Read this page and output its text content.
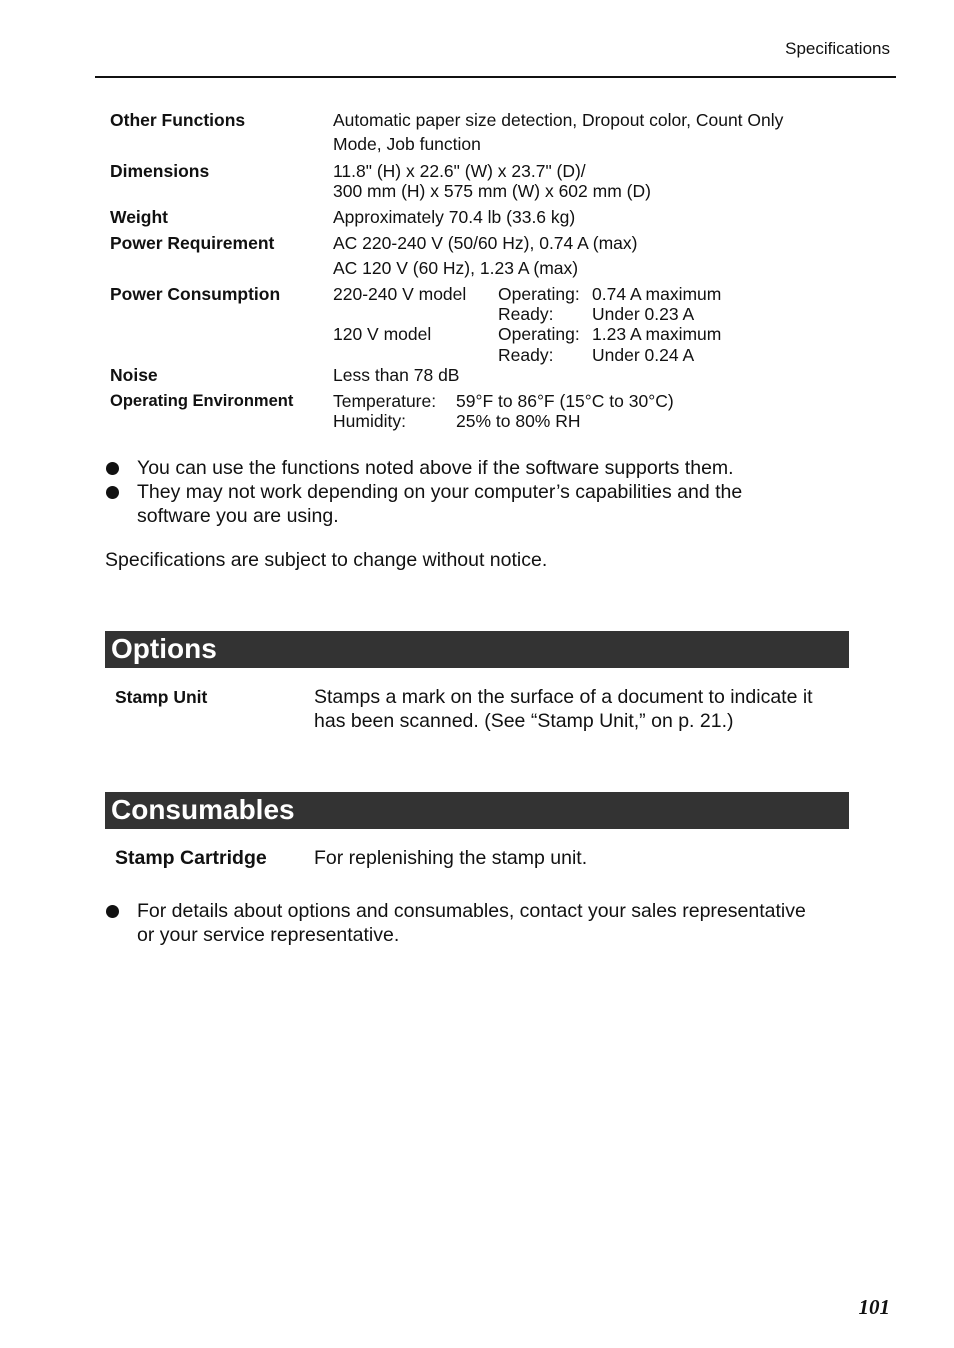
Specifications
Other Functions	Automatic paper size detection, Dropout color, Count Only
Mode, Job function
Dimensions	11.8" (H) x 22.6" (W) x 23.7" (D)/
300 mm (H) x 575 mm (W) x 602 mm (D)
Weight	Approximately 70.4 lb (33.6 kg)
Power Requirement	AC 220-240 V (50/60 Hz), 0.74 A (max)
AC 120 V (60 Hz), 1.23 A (max)
Power Consumption	220-240 V model Operating: 0.74 A maximum
Ready: Under 0.23 A
120 V model	Operating: 1.23 A maximum
Ready: Under 0.24 A
Noise	Less than 78 dB
Operating Environment Temperature: 59°F to 86°F (15°C to 30°C)
Humidity:	25% to 80% RH
You can use the functions noted above if the software supports them.
They may not work depending on your computer’s capabilities and the
software you are using.
Specifications are subject to change without notice.
Options
Stamp Unit	Stamps a mark on the surface of a document to indicate it
has been scanned. (See “Stamp Unit,” on p. 21.)
Consumables
Stamp Cartridge For replenishing the stamp unit.
For details about options and consumables, contact your sales representative
or your service representative.
101
